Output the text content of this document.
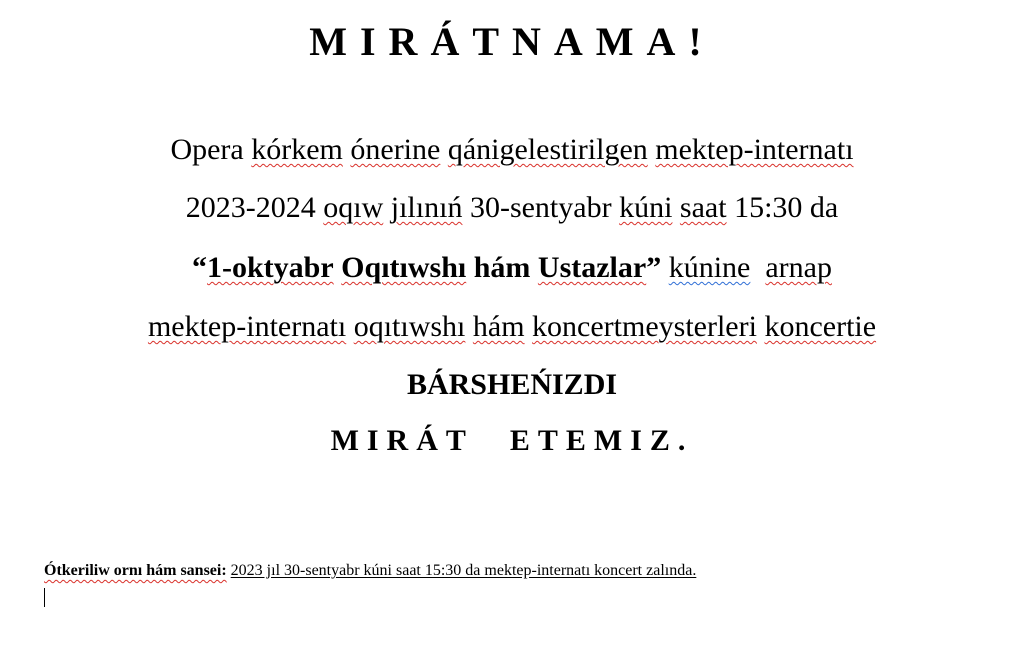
MIRÁTNAMA!
Opera kórkem ónerine qánigelestirilgen mektep-internatı
2023-2024 oqıw jılınıń 30-sentyabr kúni saat 15:30 da
“1-oktyabr Oqıtıwshı hám Ustazlar” kúnine arnap
mektep-internatı oqıtıwshı hám koncertmeysterleri koncertie
BÁRSHEŃIZDI
MIRÁT ETEMIZ.
Ótkeriliw ornı hám sansei: 2023 jıl 30-sentyabr kúni saat 15:30 da mektep-internatı koncert zalında.
